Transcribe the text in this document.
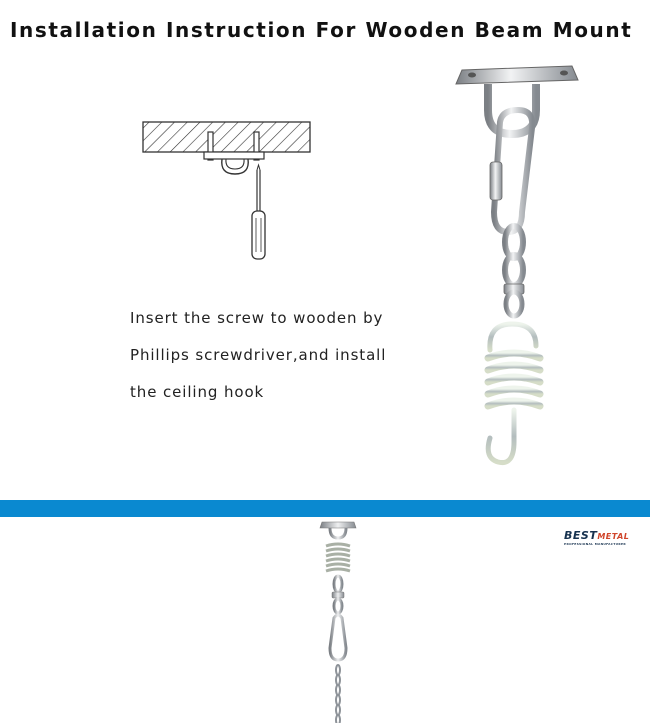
Installation Instruction For Wooden Beam Mount

Insert the screw to wooden by

Phillips screwdriver,and install

the ceiling hook

BESTMETAL
PROFESSIONAL MANUFACTURER
